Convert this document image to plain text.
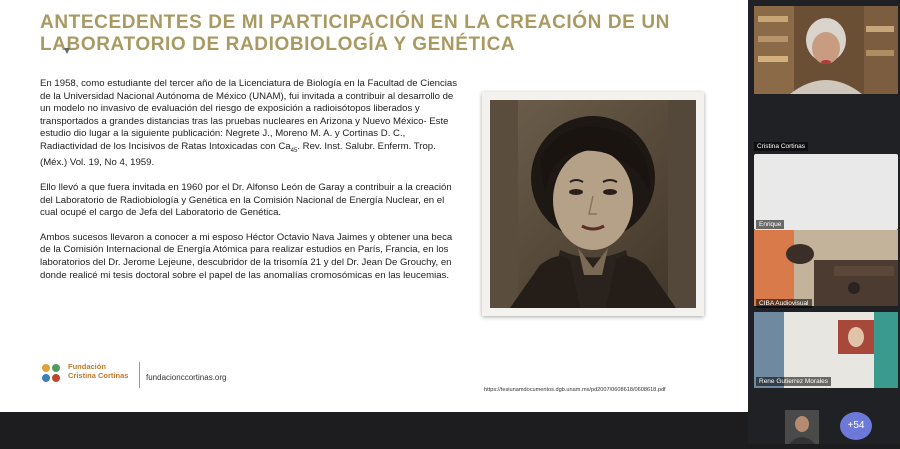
ANTECEDENTES DE MI PARTICIPACIÓN EN LA CREACIÓN DE UN LABORATORIO DE RADIOBIOLOGÍA Y GENÉTICA

En 1958, como estudiante del tercer año de la Licenciatura de Biología en la Facultad de Ciencias de la Universidad Nacional Autónoma de México (UNAM), fui invitada a contribuir al desarrollo de un modelo no invasivo de evaluación del riesgo de exposición a radioisótopos liberados y transportados a grandes distancias tras las pruebas nucleares en Arizona y Nuevo México- Este estudio dio lugar a la siguiente publicación: Negrete J., Moreno M. A. y Cortinas D. C., Radiactividad de los Incisivos de Ratas Intoxicadas con $Ca_{45}$. Rev. Inst. Salubr. Enferm. Trop. (Méx.) Vol. 19, No 4, 1959.

Ello llevó a que fuera invitada en 1960 por el Dr. Alfonso León de Garay a contribuir a la creación del Laboratorio de Radiobiología y Genética en la Comisión Nacional de Energía Nuclear, en el cual ocupé el cargo de Jefa del Laboratorio de Genética.

Ambos sucesos llevaron a conocer a mi esposo Héctor Octavio Nava Jaimes y obtener una beca de la Comisión Internacional de Energía Atómica para realizar estudios en París, Francia, en los laboratorios del Dr. Jerome Lejeune, descubridor de la trisomía 21 y del Dr. Jean De Grouchy, en donde realicé mi tesis doctoral sobre el papel de las anomalías cromosómicas en las leucemias.

Fundación
Cristina Cortinas fundacionccortinas.org
https://tesiunamdocumentos.dgb.unam.mx/pd2007/0608618/0608618.pdf
Cristina Cortinas
Enrique
CIBA Audiovisual
Rene Gutierrez Morales
+54
